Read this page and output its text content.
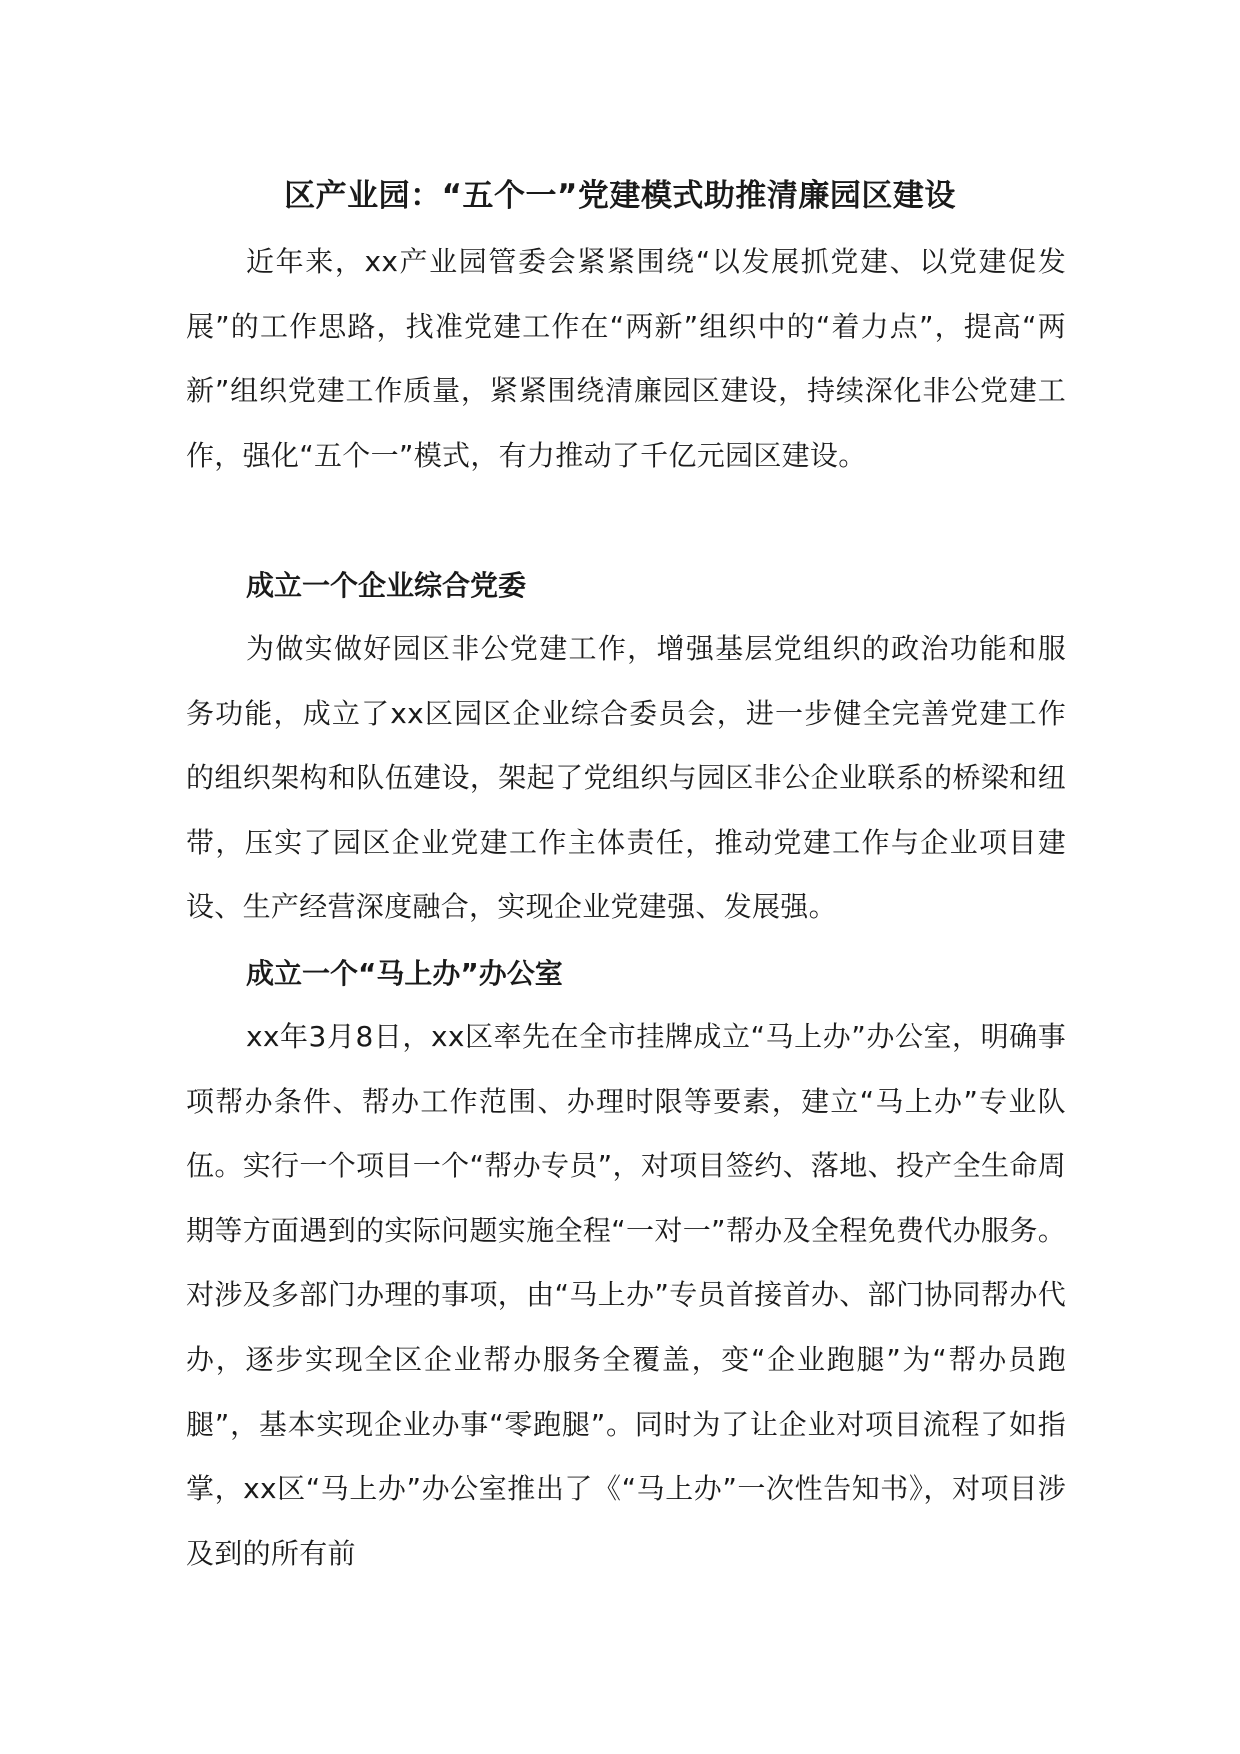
区产业园：“五个一”党建模式助推清廉园区建设

近年来，xx产业园管委会紧紧围绕“以发展抓党建、以党建促发展”的工作思路，找准党建工作在“两新”组织中的“着力点”，提高“两新”组织党建工作质量，紧紧围绕清廉园区建设，持续深化非公党建工作，强化“五个一”模式，有力推动了千亿元园区建设。

成立一个企业综合党委

为做实做好园区非公党建工作，增强基层党组织的政治功能和服务功能，成立了xx区园区企业综合委员会，进一步健全完善党建工作的组织架构和队伍建设，架起了党组织与园区非公企业联系的桥梁和纽带，压实了园区企业党建工作主体责任，推动党建工作与企业项目建设、生产经营深度融合，实现企业党建强、发展强。

成立一个“马上办”办公室

xx年3月8日，xx区率先在全市挂牌成立“马上办”办公室，明确事项帮办条件、帮办工作范围、办理时限等要素，建立“马上办”专业队伍。实行一个项目一个“帮办专员”，对项目签约、落地、投产全生命周期等方面遇到的实际问题实施全程“一对一”帮办及全程免费代办服务。对涉及多部门办理的事项，由“马上办”专员首接首办、部门协同帮办代办，逐步实现全区企业帮办服务全覆盖，变“企业跑腿”为“帮办员跑腿”，基本实现企业办事“零跑腿”。同时为了让企业对项目流程了如指掌，xx区“马上办”办公室推出了《“马上办”一次性告知书》，对项目涉及到的所有前
